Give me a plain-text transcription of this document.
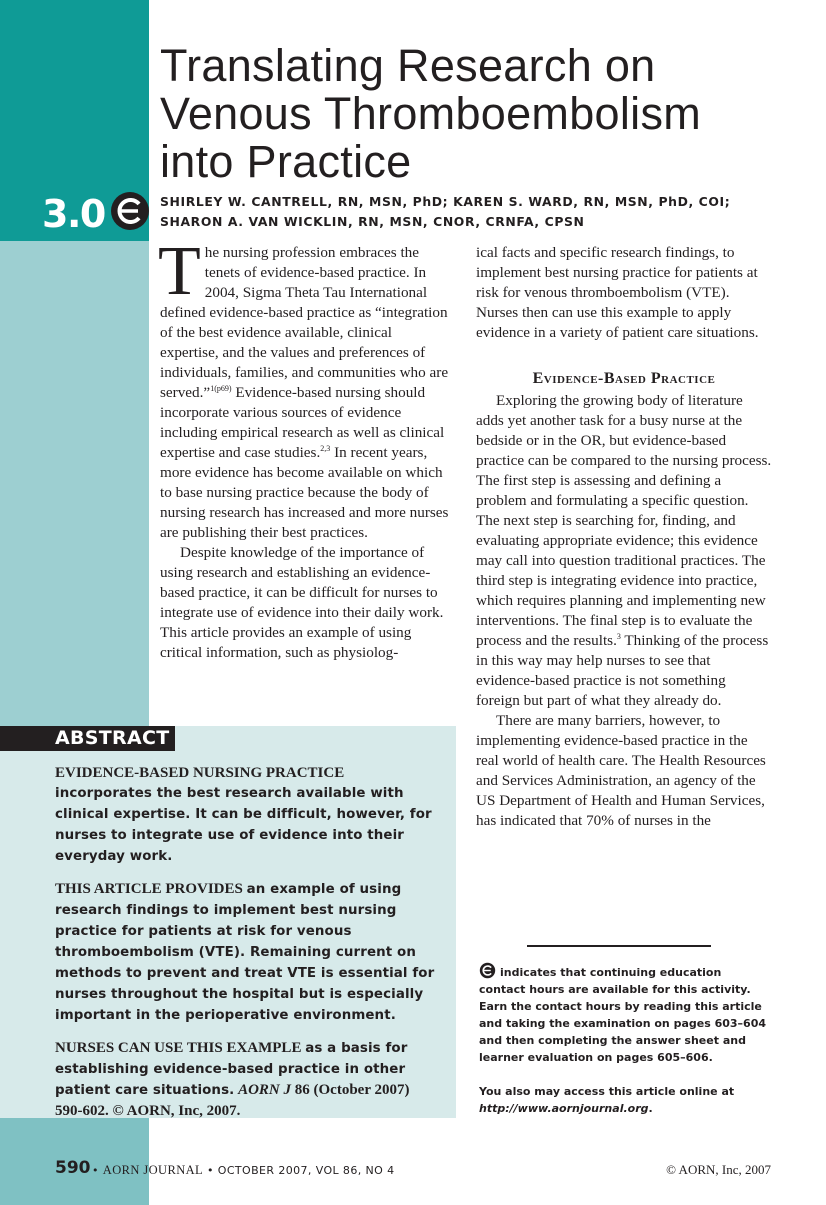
Translating Research on
Venous Thromboembolism
into Practice
3.0	SHIRLEY W. CANTRELL, RN, MSN, PhD; KAREN S. WARD, RN, MSN, PhD, COI;
SHARON A. VAN WICKLIN, RN, MSN, CNOR, CRNFA, CPSN

The nursing profession embraces the tenets of evidence-based practice. In 2004, Sigma Theta Tau International defined evidence-based practice as “integration of the best evidence available, clinical expertise, and the values and preferences of individuals, families, and communities who are served.”$^{1(p69)}$ Evidence-based nursing should incorporate various sources of evidence including empirical research as well as clinical expertise and case studies.$^{2,3}$ In recent years, more evidence has become available on which to base nursing practice because the body of nursing research has increased and more nurses are publishing their best practices.

Despite knowledge of the importance of using research and establishing an evidence-based practice, it can be difficult for nurses to integrate use of evidence into their daily work. This article provides an example of using critical information, such as physiolog-

ical facts and specific research findings, to implement best nursing practice for patients at risk for venous thromboembolism (VTE). Nurses then can use this example to apply evidence in a variety of patient care situations.

Evidence-Based Practice

Exploring the growing body of literature adds yet another task for a busy nurse at the bedside or in the OR, but evidence-based practice can be compared to the nursing process. The first step is assessing and defining a problem and formulating a specific question. The next step is searching for, finding, and evaluating appropriate evidence; this evidence may call into question traditional practices. The third step is integrating evidence into practice, which requires planning and implementing new interventions. The final step is to evaluate the process and the results.$^3$ Thinking of the process in this way may help nurses to see that evidence-based practice is not something foreign but part of what they already do.

There are many barriers, however, to implementing evidence-based practice in the real world of health care. The Health Resources and Services Administration, an agency of the US Department of Health and Human Services, has indicated that 70% of nurses in the

ABSTRACT

EVIDENCE-BASED NURSING PRACTICE incorporates the best research available with clinical expertise. It can be difficult, however, for nurses to integrate use of evidence into their everyday work.

THIS ARTICLE PROVIDES an example of using research findings to implement best nursing practice for patients at risk for venous thromboembolism (VTE). Remaining current on methods to prevent and treat VTE is essential for nurses throughout the hospital but is especially important in the perioperative environment.

NURSES CAN USE THIS EXAMPLE as a basis for establishing evidence-based practice in other patient care situations. AORN J 86 (October 2007) 590-602. © AORN, Inc, 2007.

indicates that continuing education contact hours are available for this activity. Earn the contact hours by reading this article and taking the examination on pages 603–604 and then completing the answer sheet and learner evaluation on pages 605–606.

You also may access this article online at
http://www.aornjournal.org.

590 • AORN JOURNAL • OCTOBER 2007, VOL 86, NO 4	© AORN, Inc, 2007
